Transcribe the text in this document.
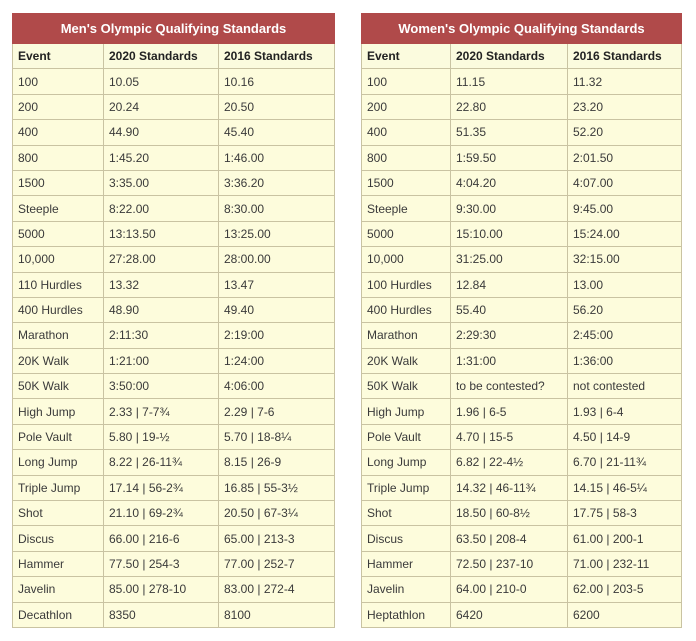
Men's Olympic Qualifying Standards		
Event	2020 Standards	2016 Standards
100	10.05	10.16
200	20.24	20.50
400	44.90	45.40
800	1:45.20	1:46.00
1500	3:35.00	3:36.20
Steeple	8:22.00	8:30.00
5000	13:13.50	13:25.00
10,000	27:28.00	28:00.00
110 Hurdles	13.32	13.47
400 Hurdles	48.90	49.40
Marathon	2:11:30	2:19:00
20K Walk	1:21:00	1:24:00
50K Walk	3:50:00	4:06:00
High Jump	2.33 | 7-7¾	2.29 | 7-6
Pole Vault	5.80 | 19-½	5.70 | 18-8¼
Long Jump	8.22 | 26-11¾	8.15 | 26-9
Triple Jump	17.14 | 56-2¾	16.85 | 55-3½
Shot	21.10 | 69-2¾	20.50 | 67-3¼
Discus	66.00 | 216-6	65.00 | 213-3
Hammer	77.50 | 254-3	77.00 | 252-7
Javelin	85.00 | 278-10	83.00 | 272-4
Decathlon	8350	8100
Women's Olympic Qualifying Standards		
Event	2020 Standards	2016 Standards
100	11.15	11.32
200	22.80	23.20
400	51.35	52.20
800	1:59.50	2:01.50
1500	4:04.20	4:07.00
Steeple	9:30.00	9:45.00
5000	15:10.00	15:24.00
10,000	31:25.00	32:15.00
100 Hurdles	12.84	13.00
400 Hurdles	55.40	56.20
Marathon	2:29:30	2:45:00
20K Walk	1:31:00	1:36:00
50K Walk	to be contested?	not contested
High Jump	1.96 | 6-5	1.93 | 6-4
Pole Vault	4.70 | 15-5	4.50 | 14-9
Long Jump	6.82 | 22-4½	6.70 | 21-11¾
Triple Jump	14.32 | 46-11¾	14.15 | 46-5¼
Shot	18.50 | 60-8½	17.75 | 58-3
Discus	63.50 | 208-4	61.00 | 200-1
Hammer	72.50 | 237-10	71.00 | 232-11
Javelin	64.00 | 210-0	62.00 | 203-5
Heptathlon	6420	6200
